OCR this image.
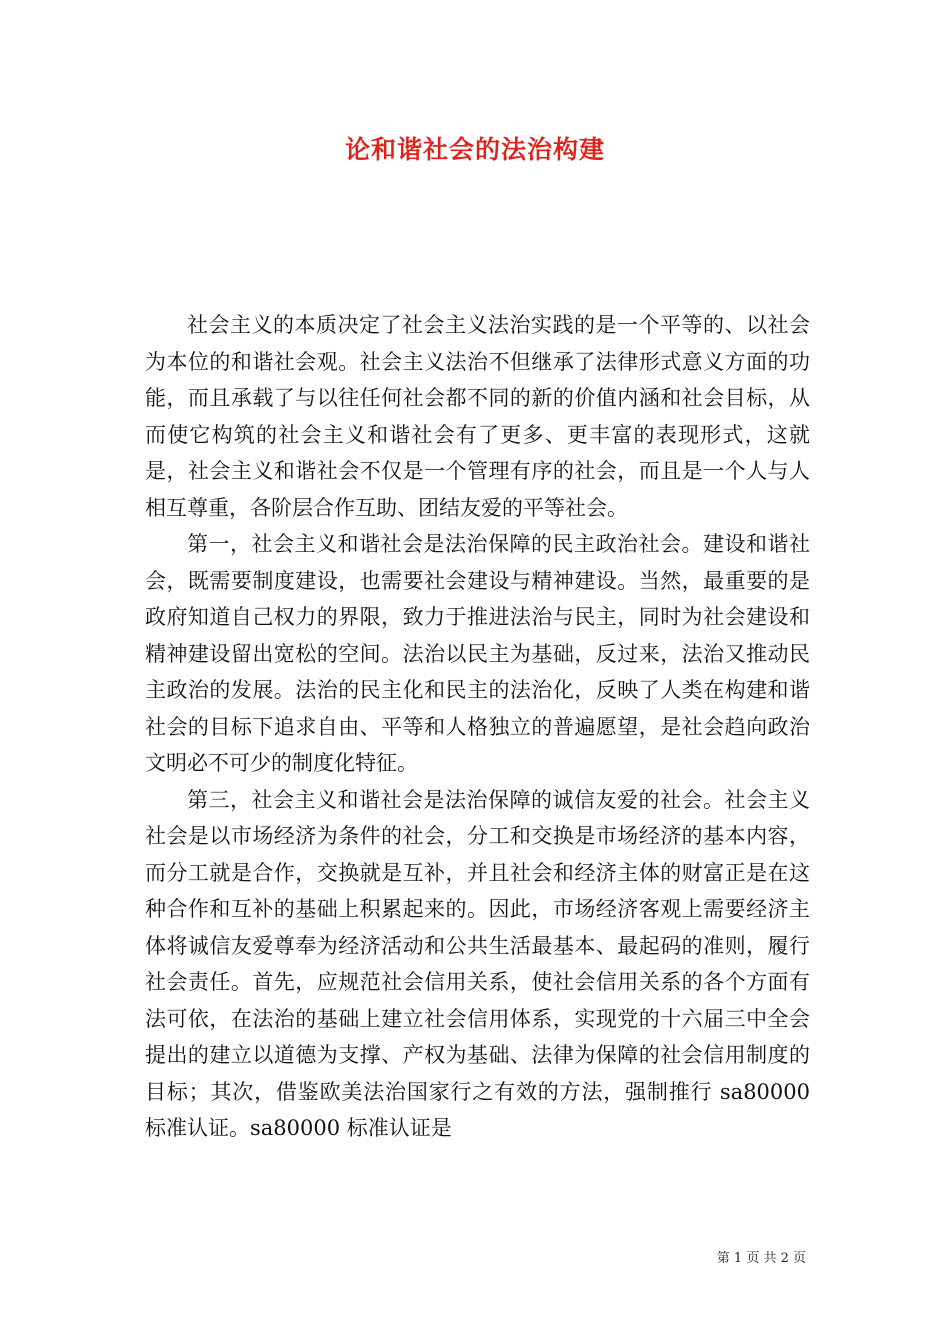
论和谐社会的法治构建

社会主义的本质决定了社会主义法治实践的是一个平等的、以社会为本位的和谐社会观。社会主义法治不但继承了法律形式意义方面的功能，而且承载了与以往任何社会都不同的新的价值内涵和社会目标，从而使它构筑的社会主义和谐社会有了更多、更丰富的表现形式，这就是，社会主义和谐社会不仅是一个管理有序的社会，而且是一个人与人相互尊重，各阶层合作互助、团结友爱的平等社会。

第一，社会主义和谐社会是法治保障的民主政治社会。建设和谐社会，既需要制度建设，也需要社会建设与精神建设。当然，最重要的是政府知道自己权力的界限，致力于推进法治与民主，同时为社会建设和精神建设留出宽松的空间。法治以民主为基础，反过来，法治又推动民主政治的发展。法治的民主化和民主的法治化，反映了人类在构建和谐社会的目标下追求自由、平等和人格独立的普遍愿望，是社会趋向政治文明必不可少的制度化特征。

第三，社会主义和谐社会是法治保障的诚信友爱的社会。社会主义社会是以市场经济为条件的社会，分工和交换是市场经济的基本内容，而分工就是合作，交换就是互补，并且社会和经济主体的财富正是在这种合作和互补的基础上积累起来的。因此，市场经济客观上需要经济主体将诚信友爱尊奉为经济活动和公共生活最基本、最起码的准则，履行社会责任。首先，应规范社会信用关系，使社会信用关系的各个方面有法可依，在法治的基础上建立社会信用体系，实现党的十六届三中全会提出的建立以道德为支撑、产权为基础、法律为保障的社会信用制度的目标；其次，借鉴欧美法治国家行之有效的方法，强制推行 sa80000 标准认证。sa80000 标准认证是

第 1 页 共 2 页
